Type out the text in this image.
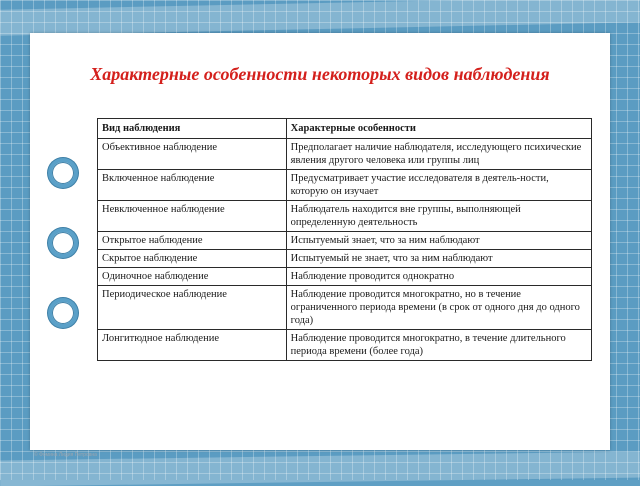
Характерные особенности некоторых видов наблюдения
Вид наблюдения	Характерные особенности
Объективное наблюдение	Предполагает наличие наблюдателя, исследующего психические явления другого человека или группы лиц
Включенное наблюдение	Предусматривает участие исследователя в деятель-ности, которую он изучает
Невключенное наблюдение	Наблюдатель находится вне группы, выполняющей определенную деятельность
Открытое наблюдение	Испытуемый знает, что за ним наблюдают
Скрытое наблюдение	Испытуемый не знает, что за ним наблюдают
Одиночное наблюдение	Наблюдение проводится однократно
Периодическое наблюдение	Наблюдение проводится многократно, но в течение ограниченного периода времени (в срок от одного дня до одного года)
Лонгитюдное наблюдение	Наблюдение проводится многократно, в течение длительного периода времени (более года)
© Фомина Лидия Петровна
